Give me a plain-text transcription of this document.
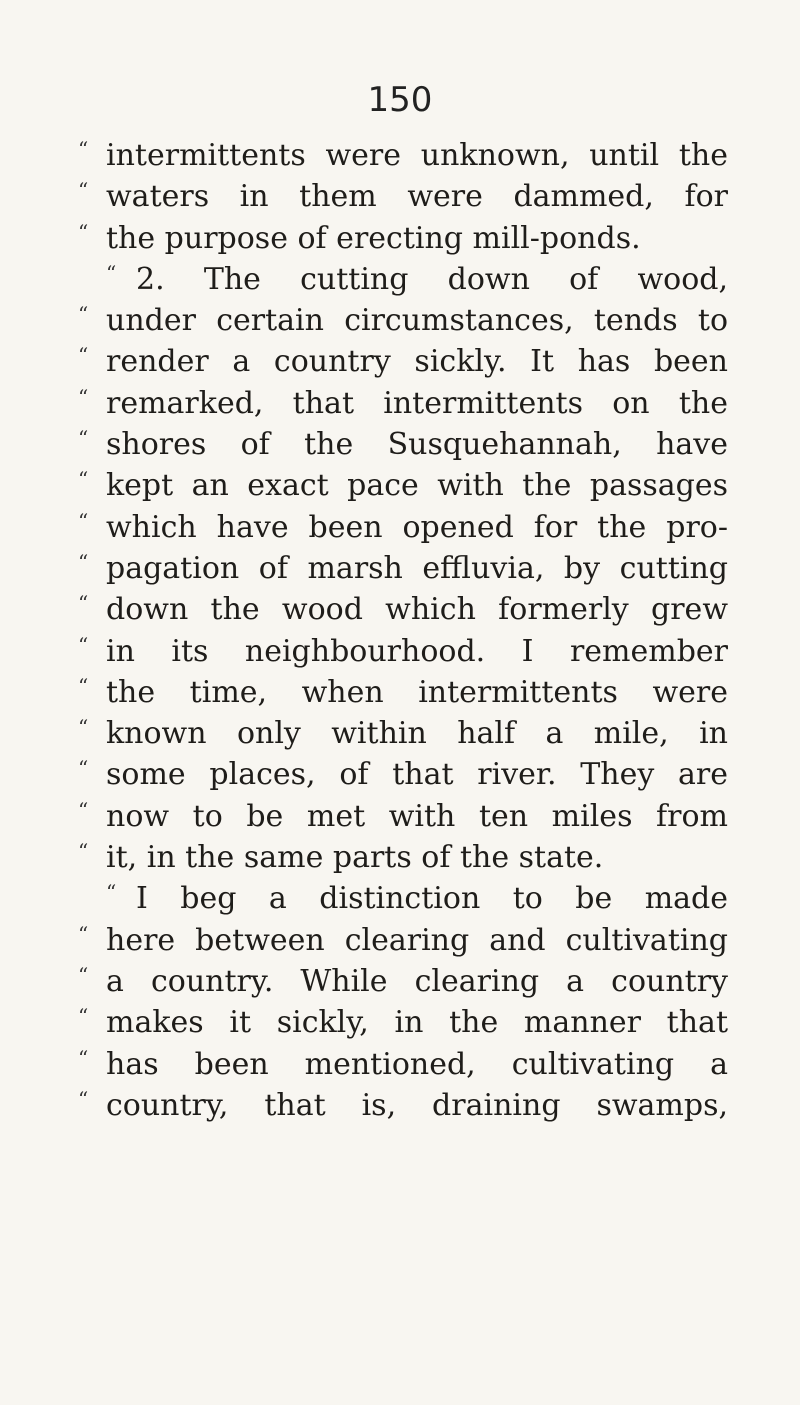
150
“ intermittents were unknown, until the
“ waters in them were dammed, for
“ the purpose of erecting mill-ponds.
“ 2. The cutting down of wood,
“ under certain circumstances, tends to
“ render a country sickly. It has been
“ remarked, that intermittents on the
“ shores of the Susquehannah, have
“ kept an exact pace with the passages
“ which have been opened for the pro-
“ pagation of marsh effluvia, by cutting
“ down the wood which formerly grew
“ in its neighbourhood. I remember
“ the time, when intermittents were
“ known only within half a mile, in
“ some places, of that river. They are
“ now to be met with ten miles from
“ it, in the same parts of the state.
“ I beg a distinction to be made
“ here between clearing and cultivating
“ a country. While clearing a country
“ makes it sickly, in the manner that
“ has been mentioned, cultivating a
“ country, that is, draining swamps,
